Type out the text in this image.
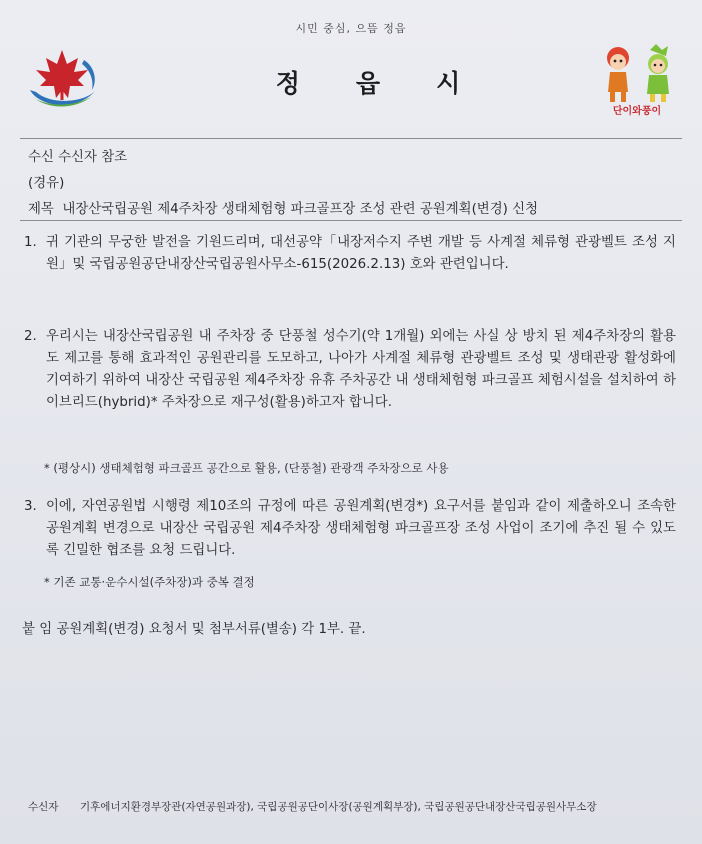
시민 중심, 으뜸 정읍
정읍시
단이와풍이
수신 수신자 참조
(경유)
제목 내장산국립공원 제4주차장 생태체험형 파크골프장 조성 관련 공원계획(변경) 신청
1. 귀 기관의 무궁한 발전을 기원드리며, 대선공약「내장저수지 주변 개발 등 사계절 체류형 관광벨트 조성 지원」및 국립공원공단내장산국립공원사무소-615(2026.2.13) 호와 관련입니다.
2. 우리시는 내장산국립공원 내 주차장 중 단풍철 성수기(약 1개월) 외에는 사실 상 방치 된 제4주차장의 활용도 제고를 통해 효과적인 공원관리를 도모하고, 나아가 사계절 체류형 관광벨트 조성 및 생태관광 활성화에 기여하기 위하여 내장산 국립공원 제4주차장 유휴 주차공간 내 생태체험형 파크골프 체험시설을 설치하여 하이브리드(hybrid)* 주차장으로 재구성(활용)하고자 합니다.
* (평상시) 생태체험형 파크골프 공간으로 활용, (단풍철) 관광객 주차장으로 사용
3. 이에, 자연공원법 시행령 제10조의 규정에 따른 공원계획(변경*) 요구서를 붙임과 같이 제출하오니 조속한 공원계획 변경으로 내장산 국립공원 제4주차장 생태체험형 파크골프장 조성 사업이 조기에 추진 될 수 있도록 긴밀한 협조를 요청 드립니다.
* 기존 교통·운수시설(주차장)과 중복 결정
붙 임 공원계획(변경) 요청서 및 첨부서류(별송) 각 1부. 끝.
수신자 기후에너지환경부장관(자연공원과장), 국립공원공단이사장(공원계획부장), 국립공원공단내장산국립공원사무소장
